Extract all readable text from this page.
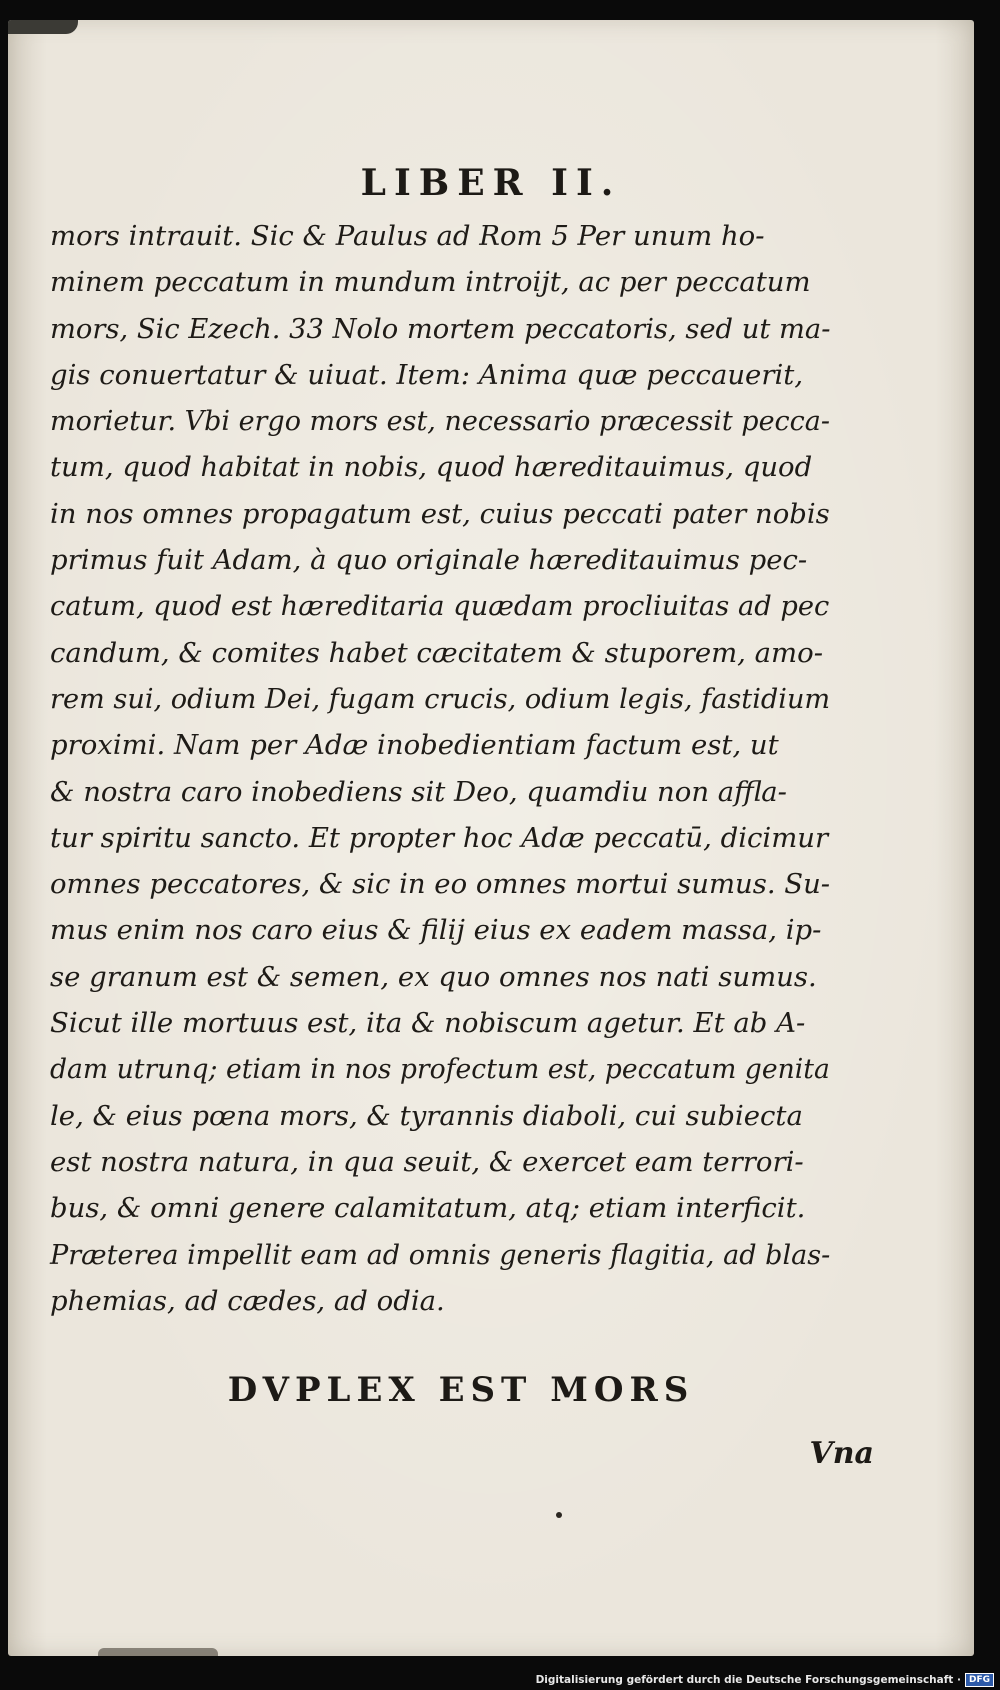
LIBER II.
mors intrauit. Sic & Paulus ad Rom 5 Per unum ho-
minem peccatum in mundum introijt, ac per peccatum
mors, Sic Ezech. 33 Nolo mortem peccatoris, sed ut ma-
gis conuertatur & uiuat. Item: Anima quæ peccauerit,
morietur. Vbi ergo mors est, necessario præcessit pecca-
tum, quod habitat in nobis, quod hæreditauimus, quod
in nos omnes propagatum est, cuius peccati pater nobis
primus fuit Adam, à quo originale hæreditauimus pec-
catum, quod est hæreditaria quædam procliuitas ad pec
candum, & comites habet cæcitatem & stuporem, amo-
rem sui, odium Dei, fugam crucis, odium legis, fastidium
proximi. Nam per Adæ inobedientiam factum est, ut
& nostra caro inobediens sit Deo, quamdiu non affla-
tur spiritu sancto. Et propter hoc Adæ peccatū, dicimur
omnes peccatores, & sic in eo omnes mortui sumus. Su-
mus enim nos caro eius & filij eius ex eadem massa, ip-
se granum est & semen, ex quo omnes nos nati sumus.
Sicut ille mortuus est, ita & nobiscum agetur. Et ab A-
dam utrunq; etiam in nos profectum est, peccatum genita
le, & eius pœna mors, & tyrannis diaboli, cui subiecta
est nostra natura, in qua seuit, & exercet eam terrori-
bus, & omni genere calamitatum, atq; etiam interficit.
Præterea impellit eam ad omnis generis flagitia, ad blas-
phemias, ad cædes, ad odia.
DVPLEX EST MORS
Vna
Digitalisierung gefördert durch die Deutsche Forschungsgemeinschaft · DFG
